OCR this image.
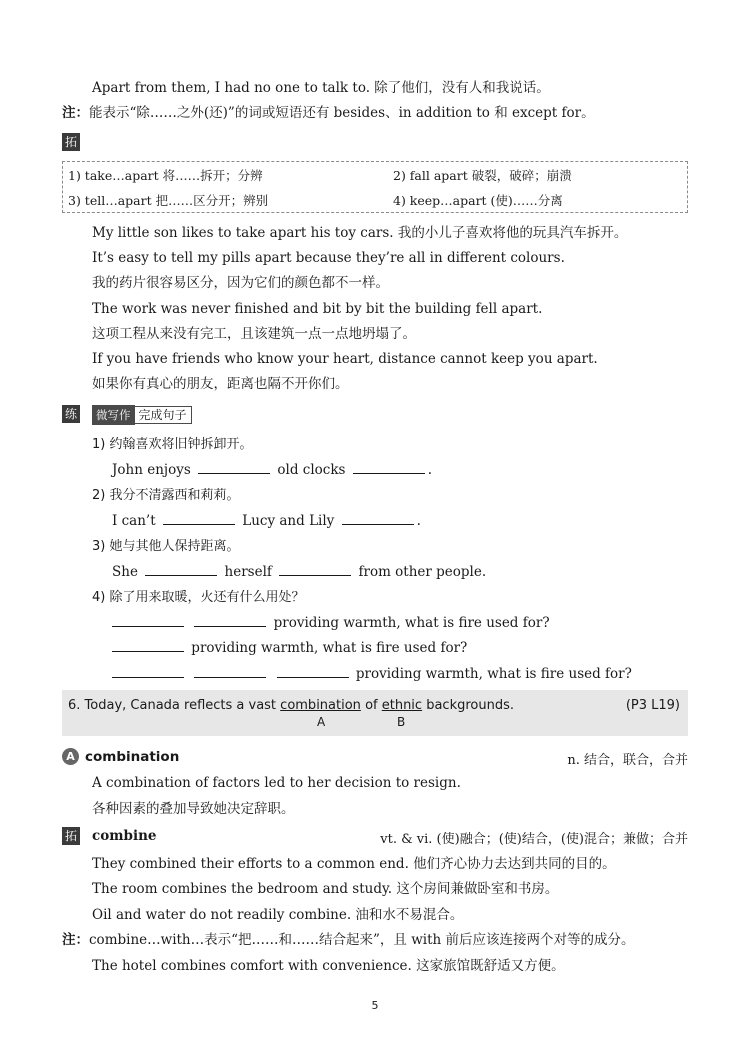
Apart from them, I had no one to talk to. 除了他们，没有人和我说话。
注：能表示“除……之外(还)”的词或短语还有 besides、in addition to 和 except for。
拓
1) take…apart 将……拆开；分辨	2) fall apart 破裂，破碎；崩溃
3) tell…apart 把……区分开；辨别	4) keep…apart (使)……分离
My little son likes to take apart his toy cars. 我的小儿子喜欢将他的玩具汽车拆开。
It’s easy to tell my pills apart because they’re all in different colours.
我的药片很容易区分，因为它们的颜色都不一样。
The work was never finished and bit by bit the building fell apart.
这项工程从来没有完工，且该建筑一点一点地坍塌了。
If you have friends who know your heart, distance cannot keep you apart.
如果你有真心的朋友，距离也隔不开你们。
练	微写作 完成句子
1) 约翰喜欢将旧钟拆卸开。
John enjoys	old clocks	.
2) 我分不清露西和莉莉。
I can’t	Lucy and Lily	.
3) 她与其他人保持距离。
She	herself	from other people.
4) 除了用来取暖，火还有什么用处？
providing warmth, what is fire used for?
providing warmth, what is fire used for?
providing warmth, what is fire used for?
6. Today, Canada reflects a vast combination of ethnic backgrounds.	(P3 L19)
A	B
A combination	n. 结合，联合，合并
A combination of factors led to her decision to resign.
各种因素的叠加导致她决定辞职。
拓 combine	vt. & vi. (使)融合；(使)结合，(使)混合；兼做；合并
They combined their efforts to a common end. 他们齐心协力去达到共同的目的。
The room combines the bedroom and study. 这个房间兼做卧室和书房。
Oil and water do not readily combine. 油和水不易混合。
注：combine…with…表示“把……和……结合起来”，且 with 前后应该连接两个对等的成分。
The hotel combines comfort with convenience. 这家旅馆既舒适又方便。
5
